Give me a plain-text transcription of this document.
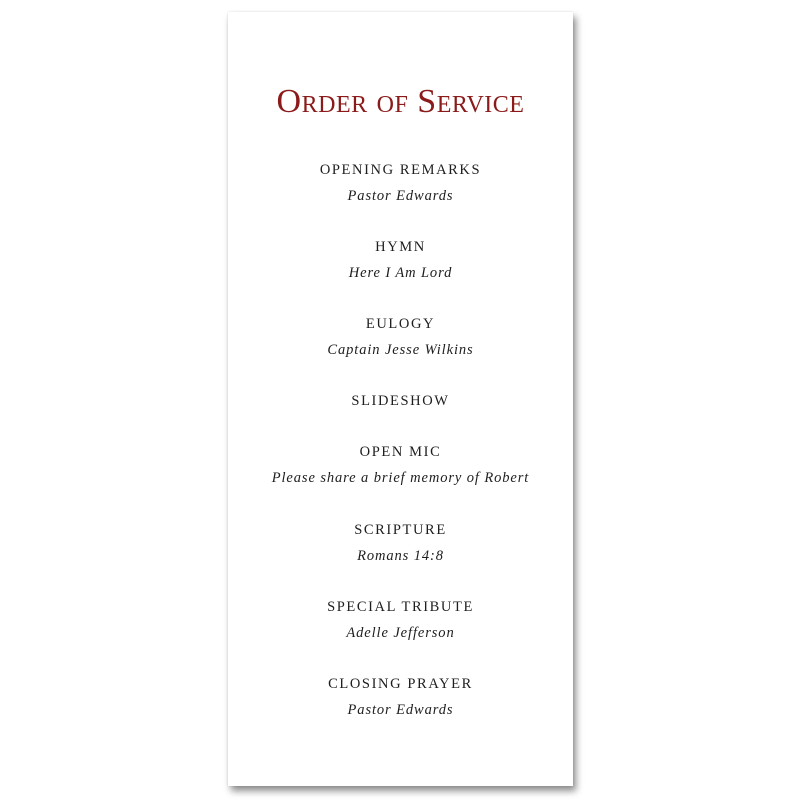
Order of Service
OPENING REMARKS
Pastor Edwards
HYMN
Here I Am Lord
EULOGY
Captain Jesse Wilkins
SLIDESHOW
OPEN MIC
Please share a brief memory of Robert
SCRIPTURE
Romans 14:8
SPECIAL TRIBUTE
Adelle Jefferson
CLOSING PRAYER
Pastor Edwards
